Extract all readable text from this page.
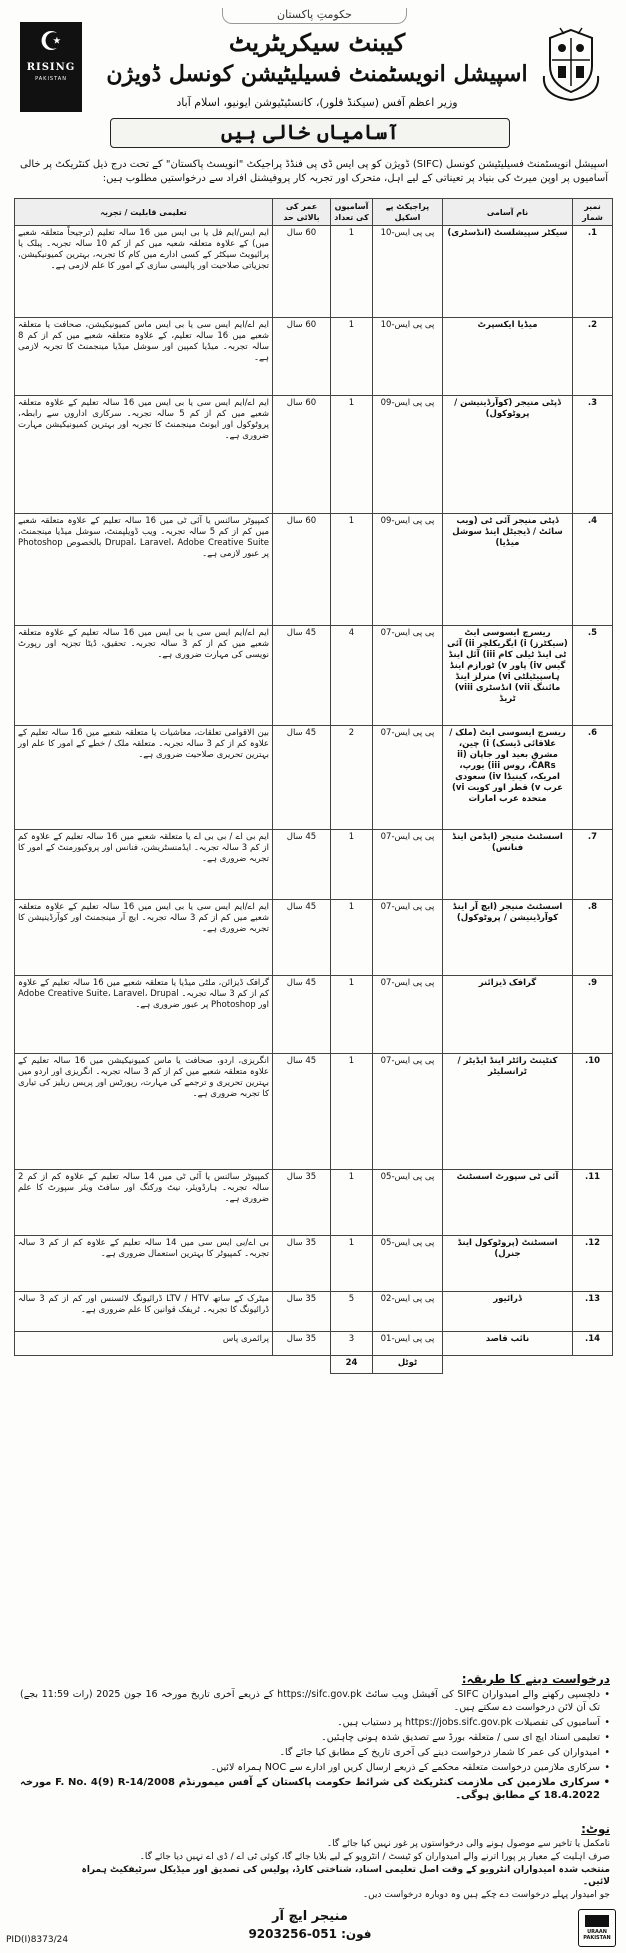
حکومتِ پاکستان
☪
RISING
PAKISTAN
کیبنٹ سیکریٹریٹ
اسپیشل انویسٹمنٹ فسیلیٹیشن کونسل ڈویژن
وزیر اعظم آفس (سیکنڈ فلور)، کانسٹیٹیوشن ایونیو، اسلام آباد
آسامیاں خالی ہیں
اسپیشل انویسٹمنٹ فسیلیٹیشن کونسل (SIFC) ڈویژن کو پی ایس ڈی پی فنڈڈ پراجیکٹ "انویسٹ پاکستان" کے تحت درج ذیل کنٹریکٹ پر خالی آسامیوں پر اوپن میرٹ کی بنیاد پر تعیناتی کے لیے اہل، متحرک اور تجربہ کار پروفیشنل افراد سے درخواستیں مطلوب ہیں:
نمبر شمار	نام آسامی	پراجیکٹ پے اسکیل	آسامیوں کی تعداد	عمر کی بالائی حد	تعلیمی قابلیت / تجربہ
1.	سیکٹر سپیشلسٹ (انڈسٹری)	پی پی ایس-10	1	60 سال	ایم ایس/ایم فل یا بی ایس میں 16 سالہ تعلیم (ترجیحاً متعلقہ شعبے میں) کے علاوہ متعلقہ شعبہ میں کم از کم 10 سالہ تجربہ۔ پبلک یا پرائیویٹ سیکٹر کے کسی ادارے میں کام کا تجربہ، بہترین کمیونیکیشن، تجزیاتی صلاحیت اور پالیسی سازی کے امور کا علم لازمی ہے۔
2.	میڈیا ایکسپرٹ	پی پی ایس-10	1	60 سال	ایم اے/ایم ایس سی یا بی ایس ماس کمیونیکیشن، صحافت یا متعلقہ شعبے میں 16 سالہ تعلیم، کے علاوہ متعلقہ شعبے میں کم از کم 8 سالہ تجربہ۔ میڈیا کمپین اور سوشل میڈیا مینجمنٹ کا تجربہ لازمی ہے۔
3.	ڈپٹی منیجر (کوآرڈینیشن / پروٹوکول)	پی پی ایس-09	1	60 سال	ایم اے/ایم ایس سی یا بی ایس میں 16 سالہ تعلیم کے علاوہ متعلقہ شعبے میں کم از کم 5 سالہ تجربہ۔ سرکاری اداروں سے رابطہ، پروٹوکول اور ایونٹ مینجمنٹ کا تجربہ اور بہترین کمیونیکیشن مہارت ضروری ہے۔
4.	ڈپٹی منیجر آئی ٹی (ویب سائٹ / ڈیجیٹل اینڈ سوشل میڈیا)	پی پی ایس-09	1	60 سال	کمپیوٹر سائنس یا آئی ٹی میں 16 سالہ تعلیم کے علاوہ متعلقہ شعبے میں کم از کم 5 سالہ تجربہ۔ ویب ڈویلپمنٹ، سوشل میڈیا مینجمنٹ، Drupal، Laravel، Adobe Creative Suite بالخصوص Photoshop پر عبور لازمی ہے۔
5.	ریسرچ ایسوسی ایٹ (سیکٹرز) i) ایگریکلچر ii) آئی ٹی اینڈ ٹیلی کام iii) آئل اینڈ گیس iv) پاور v) ٹورازم اینڈ ہاسپیٹیلٹی vi) منرلز اینڈ مائننگ vii) انڈسٹری viii) ٹریڈ	پی پی ایس-07	4	45 سال	ایم اے/ایم ایس سی یا بی ایس میں 16 سالہ تعلیم کے علاوہ متعلقہ شعبے میں کم از کم 3 سالہ تجربہ۔ تحقیق، ڈیٹا تجزیہ اور رپورٹ نویسی کی مہارت ضروری ہے۔
6.	ریسرچ ایسوسی ایٹ (ملک / علاقائی ڈیسک) i) چین، مشرقِ بعید اور جاپان ii) CARs، روس iii) یورپ، امریکہ، کینیڈا iv) سعودی عرب v) قطر اور کویت vi) متحدہ عرب امارات	پی پی ایس-07	2	45 سال	بین الاقوامی تعلقات، معاشیات یا متعلقہ شعبے میں 16 سالہ تعلیم کے علاوہ کم از کم 3 سالہ تجربہ۔ متعلقہ ملک / خطے کے امور کا علم اور بہترین تحریری صلاحیت ضروری ہے۔
7.	اسسٹنٹ منیجر (ایڈمن اینڈ فنانس)	پی پی ایس-07	1	45 سال	ایم بی اے / بی بی اے یا متعلقہ شعبے میں 16 سالہ تعلیم کے علاوہ کم از کم 3 سالہ تجربہ۔ ایڈمنسٹریشن، فنانس اور پروکیورمنٹ کے امور کا تجربہ ضروری ہے۔
8.	اسسٹنٹ منیجر (ایچ آر اینڈ کوآرڈینیشن / پروٹوکول)	پی پی ایس-07	1	45 سال	ایم اے/ایم ایس سی یا بی ایس میں 16 سالہ تعلیم کے علاوہ متعلقہ شعبے میں کم از کم 3 سالہ تجربہ۔ ایچ آر مینجمنٹ اور کوآرڈینیشن کا تجربہ ضروری ہے۔
9.	گرافک ڈیزائنر	پی پی ایس-07	1	45 سال	گرافک ڈیزائن، ملٹی میڈیا یا متعلقہ شعبے میں 16 سالہ تعلیم کے علاوہ کم از کم 3 سالہ تجربہ۔ Adobe Creative Suite، Laravel، Drupal اور Photoshop پر عبور ضروری ہے۔
10.	کنٹینٹ رائٹر اینڈ ایڈیٹر / ٹرانسلیٹر	پی پی ایس-07	1	45 سال	انگریزی، اردو، صحافت یا ماس کمیونیکیشن میں 16 سالہ تعلیم کے علاوہ متعلقہ شعبے میں کم از کم 3 سالہ تجربہ۔ انگریزی اور اردو میں بہترین تحریری و ترجمے کی مہارت، رپورٹس اور پریس ریلیز کی تیاری کا تجربہ ضروری ہے۔
11.	آئی ٹی سپورٹ اسسٹنٹ	پی پی ایس-05	1	35 سال	کمپیوٹر سائنس یا آئی ٹی میں 14 سالہ تعلیم کے علاوہ کم از کم 2 سالہ تجربہ۔ ہارڈویئر، نیٹ ورکنگ اور سافٹ ویئر سپورٹ کا علم ضروری ہے۔
12.	اسسٹنٹ (پروٹوکول اینڈ جنرل)	پی پی ایس-05	1	35 سال	بی اے/بی ایس سی میں 14 سالہ تعلیم کے علاوہ کم از کم 3 سالہ تجربہ۔ کمپیوٹر کا بہترین استعمال ضروری ہے۔
13.	ڈرائیور	پی پی ایس-02	5	35 سال	میٹرک کے ساتھ LTV / HTV ڈرائیونگ لائسنس اور کم از کم 3 سالہ ڈرائیونگ کا تجربہ۔ ٹریفک قوانین کا علم ضروری ہے۔
14.	نائب قاصد	پی پی ایس-01	3	35 سال	پرائمری پاس
		ٹوٹل	24		
درخواست دینے کا طریقہ:
• دلچسپی رکھنے والے امیدواران SIFC کی آفیشل ویب سائٹ https://sifc.gov.pk کے ذریعے آخری تاریخ مورخہ 16 جون 2025 (رات 11:59 بجے) تک آن لائن درخواست دے سکتے ہیں۔
• آسامیوں کی تفصیلات https://jobs.sifc.gov.pk پر دستیاب ہیں۔
• تعلیمی اسناد ایچ ای سی / متعلقہ بورڈ سے تصدیق شدہ ہونی چاہئیں۔
• امیدواران کی عمر کا شمار درخواست دینے کی آخری تاریخ کے مطابق کیا جائے گا۔
• سرکاری ملازمین درخواست متعلقہ محکمے کے ذریعے ارسال کریں اور ادارے سے NOC ہمراہ لائیں۔
• سرکاری ملازمین کی ملازمت کنٹریکٹ کی شرائط حکومت پاکستان کے آفس میمورنڈم F. No. 4(9) R-14/2008 مورخہ 18.4.2022 کے مطابق ہوگی۔
نوٹ:
نامکمل یا تاخیر سے موصول ہونے والی درخواستوں پر غور نہیں کیا جائے گا۔
صرف اہلیت کے معیار پر پورا اترنے والے امیدواران کو ٹیسٹ / انٹرویو کے لیے بلایا جائے گا، کوئی ٹی اے / ڈی اے نہیں دیا جائے گا۔
منتخب شدہ امیدواران انٹرویو کے وقت اصل تعلیمی اسناد، شناختی کارڈ، پولیس کی تصدیق اور میڈیکل سرٹیفکیٹ ہمراہ لائیں۔
جو امیدوار پہلے درخواست دے چکے ہیں وہ دوبارہ درخواست دیں۔
منیجر ایچ آر
فون: 051-9203256
PID(I)8373/24
URAAN PAKISTAN
